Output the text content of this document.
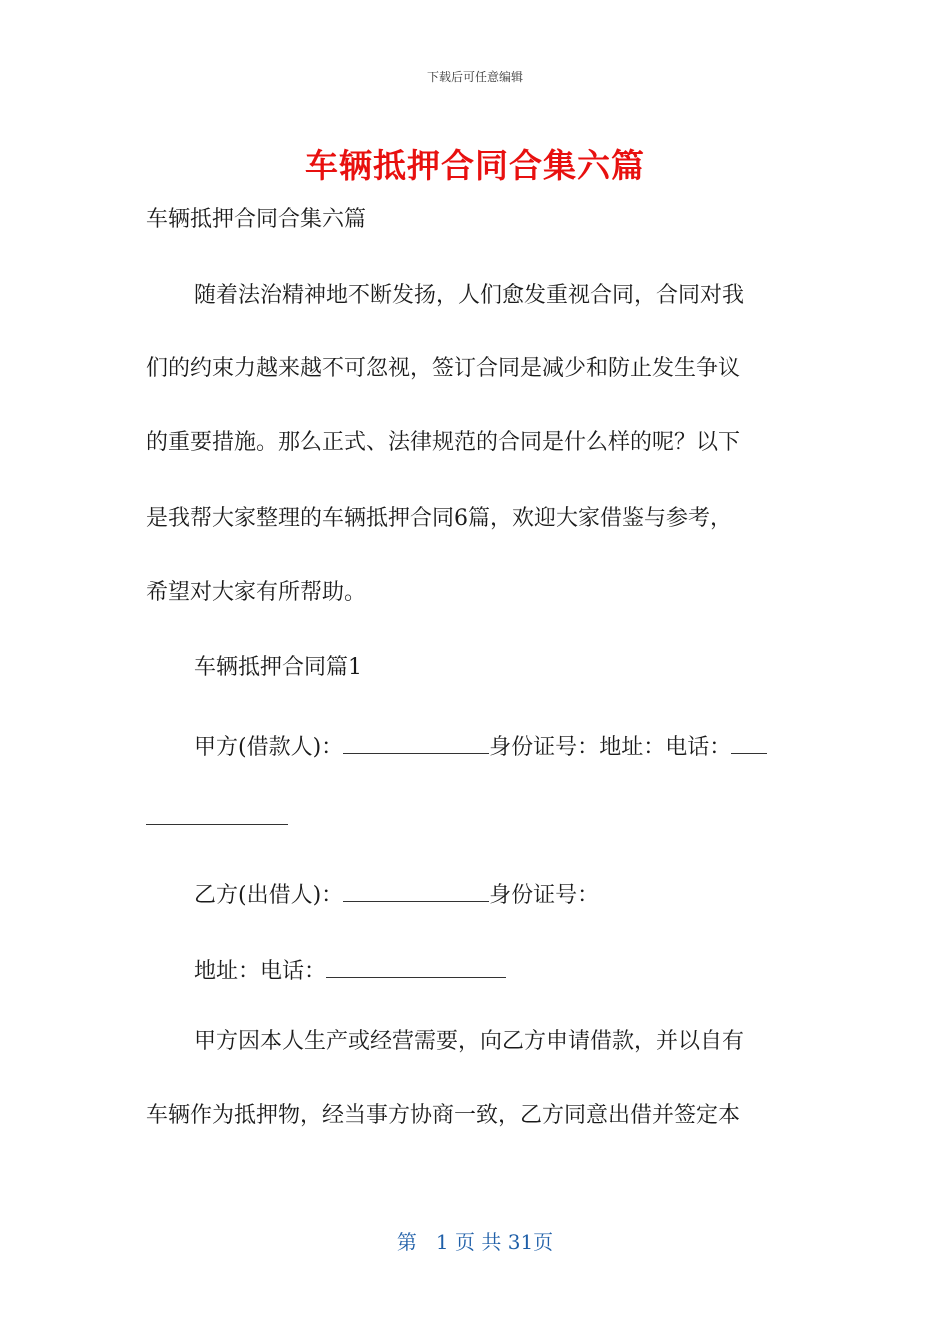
下载后可任意编辑
车辆抵押合同合集六篇
车辆抵押合同合集六篇
随着法治精神地不断发扬，人们愈发重视合同，合同对我
们的约束力越来越不可忽视，签订合同是减少和防止发生争议
的重要措施。那么正式、法律规范的合同是什么样的呢？以下
是我帮大家整理的车辆抵押合同6篇，欢迎大家借鉴与参考，
希望对大家有所帮助。
车辆抵押合同篇1
甲方(借款人)：	身份证号：地址：电话：
乙方(出借人)：	身份证号：
地址：电话：
甲方因本人生产或经营需要，向乙方申请借款，并以自有
车辆作为抵押物，经当事方协商一致，乙方同意出借并签定本
第 1 页 共 31页
